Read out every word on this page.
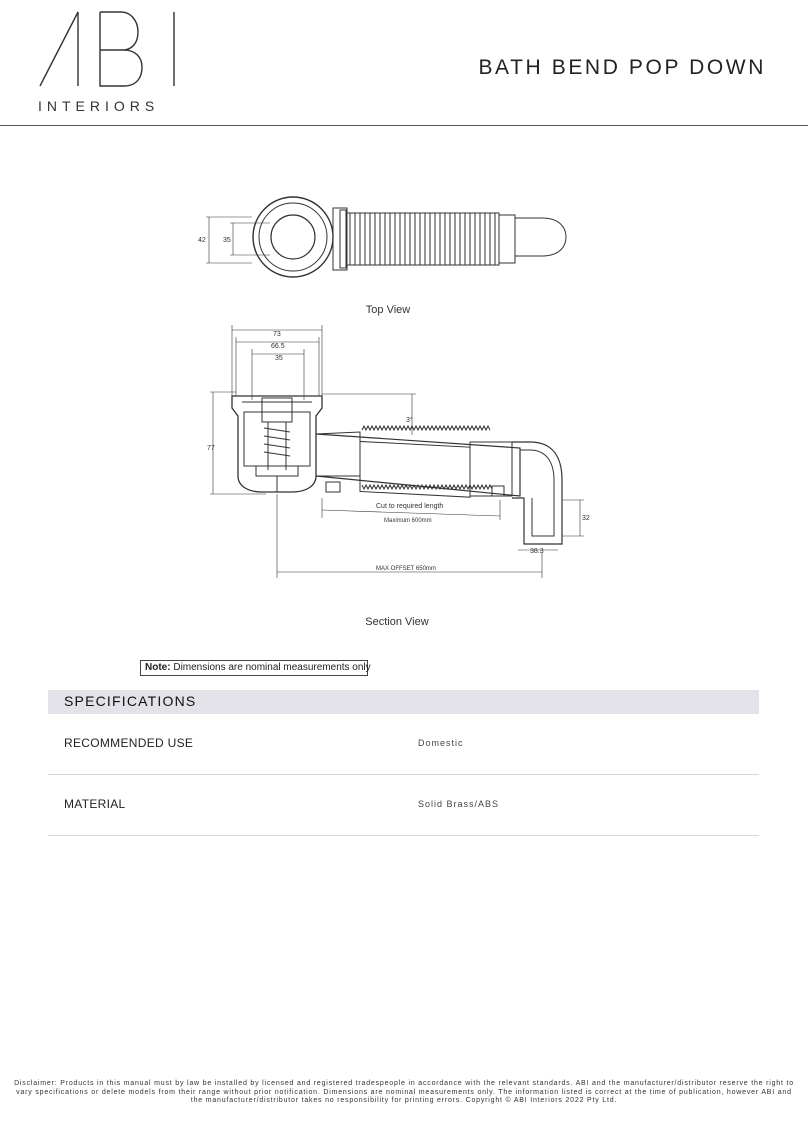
ABI
INTERIORS
BATH BEND POP DOWN
42 35
73
66.5
35
77
3°
Cut to required length
Maximum 600mm	32
38.3
MAX OFFSET 650mm
Top View
Section View
Note: Dimensions are nominal measurements only
SPECIFICATIONS
RECOMMENDED USE	Domestic
MATERIAL	Solid Brass/ABS
Disclaimer: Products in this manual must by law be installed by licensed and registered tradespeople in accordance with the relevant standards. ABI and the manufacturer/distributor reserve the right to vary specifications or delete models from their range without prior notification. Dimensions are nominal measurements only. The information listed is correct at the time of publication, however ABI and the manufacturer/distributor takes no responsibility for printing errors. Copyright © ABI Interiors 2022 Pty Ltd.
